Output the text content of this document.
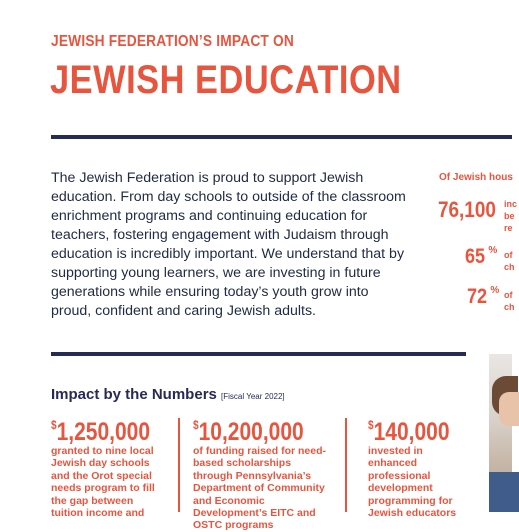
JEWISH FEDERATION’S IMPACT ON
JEWISH EDUCATION
The Jewish Federation is proud to support Jewish education. From day schools to outside of the classroom enrichment programs and continuing education for teachers, fostering engagement with Judaism through education is incredibly important. We understand that by supporting young learners, we are investing in future generations while ensuring today’s youth grow into proud, confident and caring Jewish adults.
Of Jewish hous
76,100 inc
be
re
65 % of
ch
72 % of
ch
Impact by the Numbers [Fiscal Year 2022]
$1,250,000
granted to nine local Jewish day schools and the Orot special needs program to fill the gap between tuition income and
$10,200,000
of funding raised for need-based scholarships through Pennsylvania’s Department of Community and Economic Development’s EITC and OSTC programs
$140,000
invested in enhanced professional development programming for Jewish educators
